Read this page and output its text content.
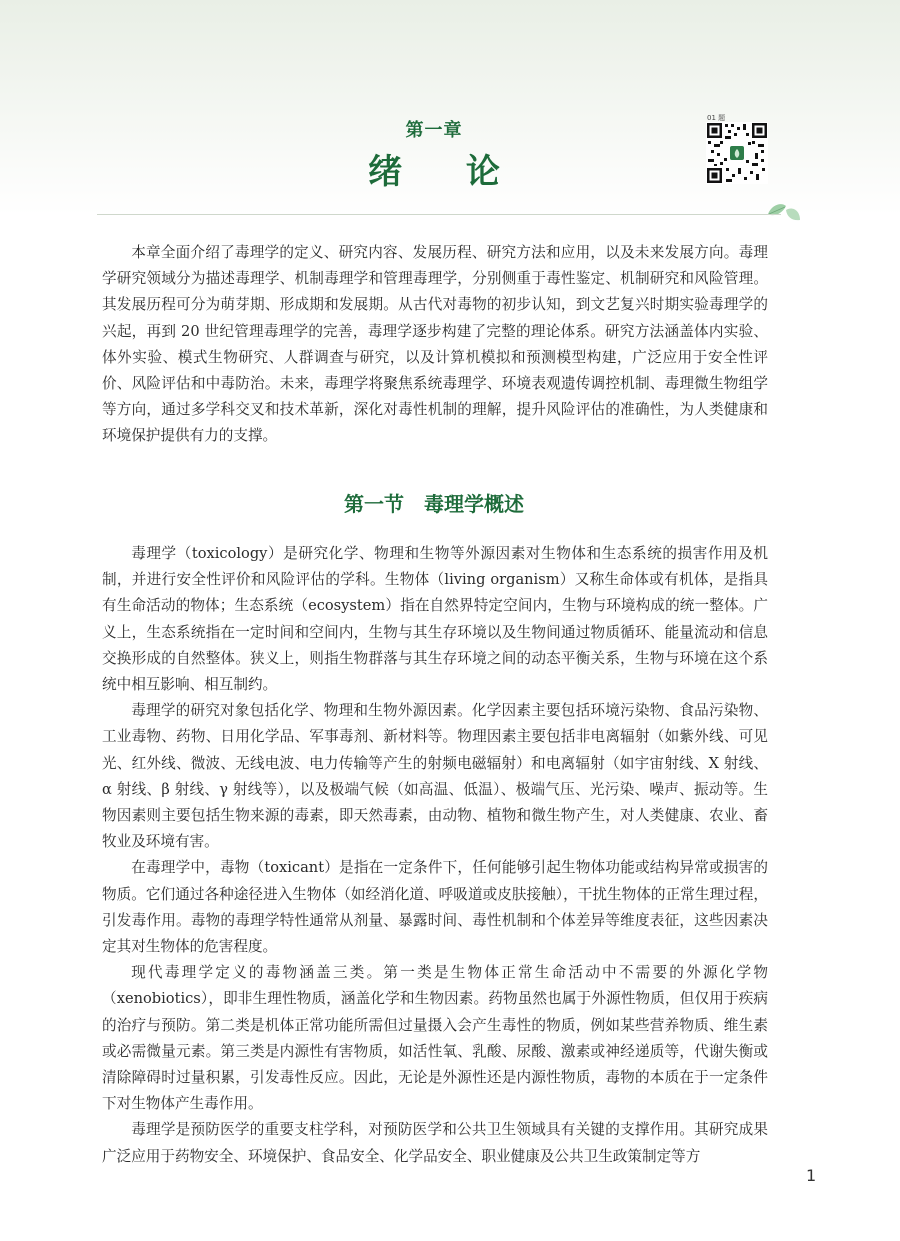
第一章
绪 论
01 题

本章全面介绍了毒理学的定义、研究内容、发展历程、研究方法和应用，以及未来发展方向。毒理学研究领域分为描述毒理学、机制毒理学和管理毒理学，分别侧重于毒性鉴定、机制研究和风险管理。其发展历程可分为萌芽期、形成期和发展期。从古代对毒物的初步认知，到文艺复兴时期实验毒理学的兴起，再到 20 世纪管理毒理学的完善，毒理学逐步构建了完整的理论体系。研究方法涵盖体内实验、体外实验、模式生物研究、人群调查与研究，以及计算机模拟和预测模型构建，广泛应用于安全性评价、风险评估和中毒防治。未来，毒理学将聚焦系统毒理学、环境表观遗传调控机制、毒理微生物组学等方向，通过多学科交叉和技术革新，深化对毒性机制的理解，提升风险评估的准确性，为人类健康和环境保护提供有力的支撑。

第一节　毒理学概述

毒理学（toxicology）是研究化学、物理和生物等外源因素对生物体和生态系统的损害作用及机制，并进行安全性评价和风险评估的学科。生物体（living organism）又称生命体或有机体，是指具有生命活动的物体；生态系统（ecosystem）指在自然界特定空间内，生物与环境构成的统一整体。广义上，生态系统指在一定时间和空间内，生物与其生存环境以及生物间通过物质循环、能量流动和信息交换形成的自然整体。狭义上，则指生物群落与其生存环境之间的动态平衡关系，生物与环境在这个系统中相互影响、相互制约。

毒理学的研究对象包括化学、物理和生物外源因素。化学因素主要包括环境污染物、食品污染物、工业毒物、药物、日用化学品、军事毒剂、新材料等。物理因素主要包括非电离辐射（如紫外线、可见光、红外线、微波、无线电波、电力传输等产生的射频电磁辐射）和电离辐射（如宇宙射线、X 射线、α 射线、β 射线、γ 射线等），以及极端气候（如高温、低温）、极端气压、光污染、噪声、振动等。生物因素则主要包括生物来源的毒素，即天然毒素，由动物、植物和微生物产生，对人类健康、农业、畜牧业及环境有害。

在毒理学中，毒物（toxicant）是指在一定条件下，任何能够引起生物体功能或结构异常或损害的物质。它们通过各种途径进入生物体（如经消化道、呼吸道或皮肤接触），干扰生物体的正常生理过程，引发毒作用。毒物的毒理学特性通常从剂量、暴露时间、毒性机制和个体差异等维度表征，这些因素决定其对生物体的危害程度。

现代毒理学定义的毒物涵盖三类。第一类是生物体正常生命活动中不需要的外源化学物（xenobiotics），即非生理性物质，涵盖化学和生物因素。药物虽然也属于外源性物质，但仅用于疾病的治疗与预防。第二类是机体正常功能所需但过量摄入会产生毒性的物质，例如某些营养物质、维生素或必需微量元素。第三类是内源性有害物质，如活性氧、乳酸、尿酸、激素或神经递质等，代谢失衡或清除障碍时过量积累，引发毒性反应。因此，无论是外源性还是内源性物质，毒物的本质在于一定条件下对生物体产生毒作用。

毒理学是预防医学的重要支柱学科，对预防医学和公共卫生领域具有关键的支撑作用。其研究成果广泛应用于药物安全、环境保护、食品安全、化学品安全、职业健康及公共卫生政策制定等方

1
